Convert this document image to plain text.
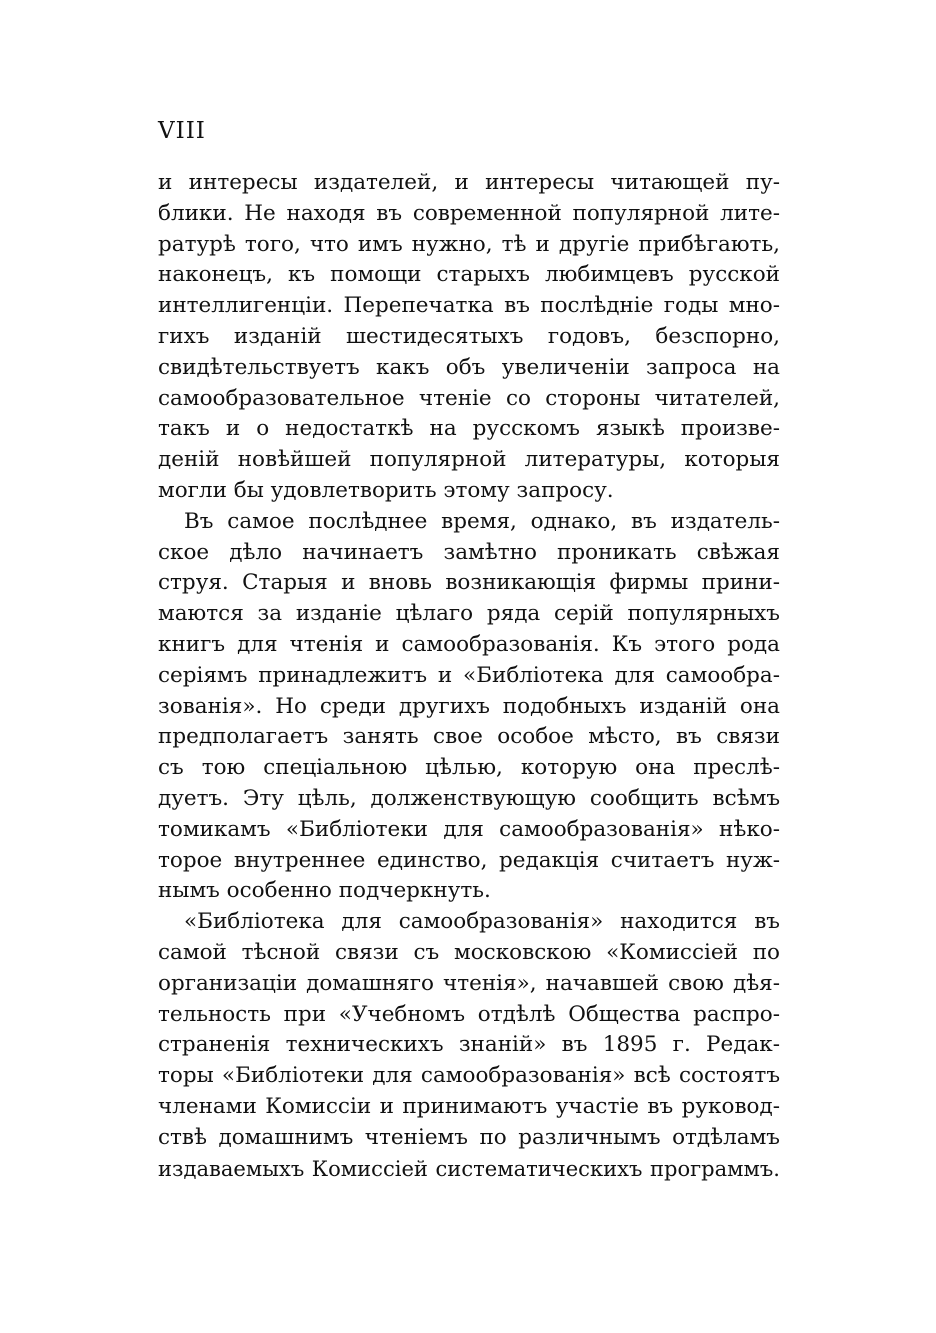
VIII
и интересы издателей, и интересы читающей пу-
блики. Не находя въ современной популярной лите-
ратурѣ того, что имъ нужно, тѣ и другіе прибѣгають,
наконецъ, къ помощи старыхъ любимцевъ русской
интеллигенціи. Перепечатка въ послѣдніе годы мно-
гихъ изданій шестидесятыхъ годовъ, безспорно,
свидѣтельствуетъ какъ объ увеличеніи запроса на
самообразовательное чтеніе со стороны читателей,
такъ и о недостаткѣ на русскомъ языкѣ произве-
деній новѣйшей популярной литературы, которыя
могли бы удовлетворить этому запросу.
Въ самое послѣднее время, однако, въ издатель-
ское дѣло начинаетъ замѣтно проникать свѣжая
струя. Старыя и вновь возникающія фирмы прини-
маются за изданіе цѣлаго ряда серій популярныхъ
книгъ для чтенія и самообразованія. Къ этого рода
серіямъ принадлежитъ и «Библіотека для самообра-
зованія». Но среди другихъ подобныхъ изданій она
предполагаетъ занять свое особое мѣсто, въ связи
съ тою спеціальною цѣлью, которую она преслѣ-
дуетъ. Эту цѣль, долженствующую сообщить всѣмъ
томикамъ «Библіотеки для самообразованія» нѣко-
торое внутреннее единство, редакція считаетъ нуж-
нымъ особенно подчеркнуть.
«Библіотека для самообразованія» находится въ
самой тѣсной связи съ московскою «Комиссіей по
организаціи домашняго чтенія», начавшей свою дѣя-
тельность при «Учебномъ отдѣлѣ Общества распро-
страненія техническихъ знаній» въ 1895 г. Редак-
торы «Библіотеки для самообразованія» всѣ состоятъ
членами Комиссіи и принимаютъ участіе въ руковод-
ствѣ домашнимъ чтеніемъ по различнымъ отдѣламъ
издаваемыхъ Комиссіей систематическихъ программъ.
